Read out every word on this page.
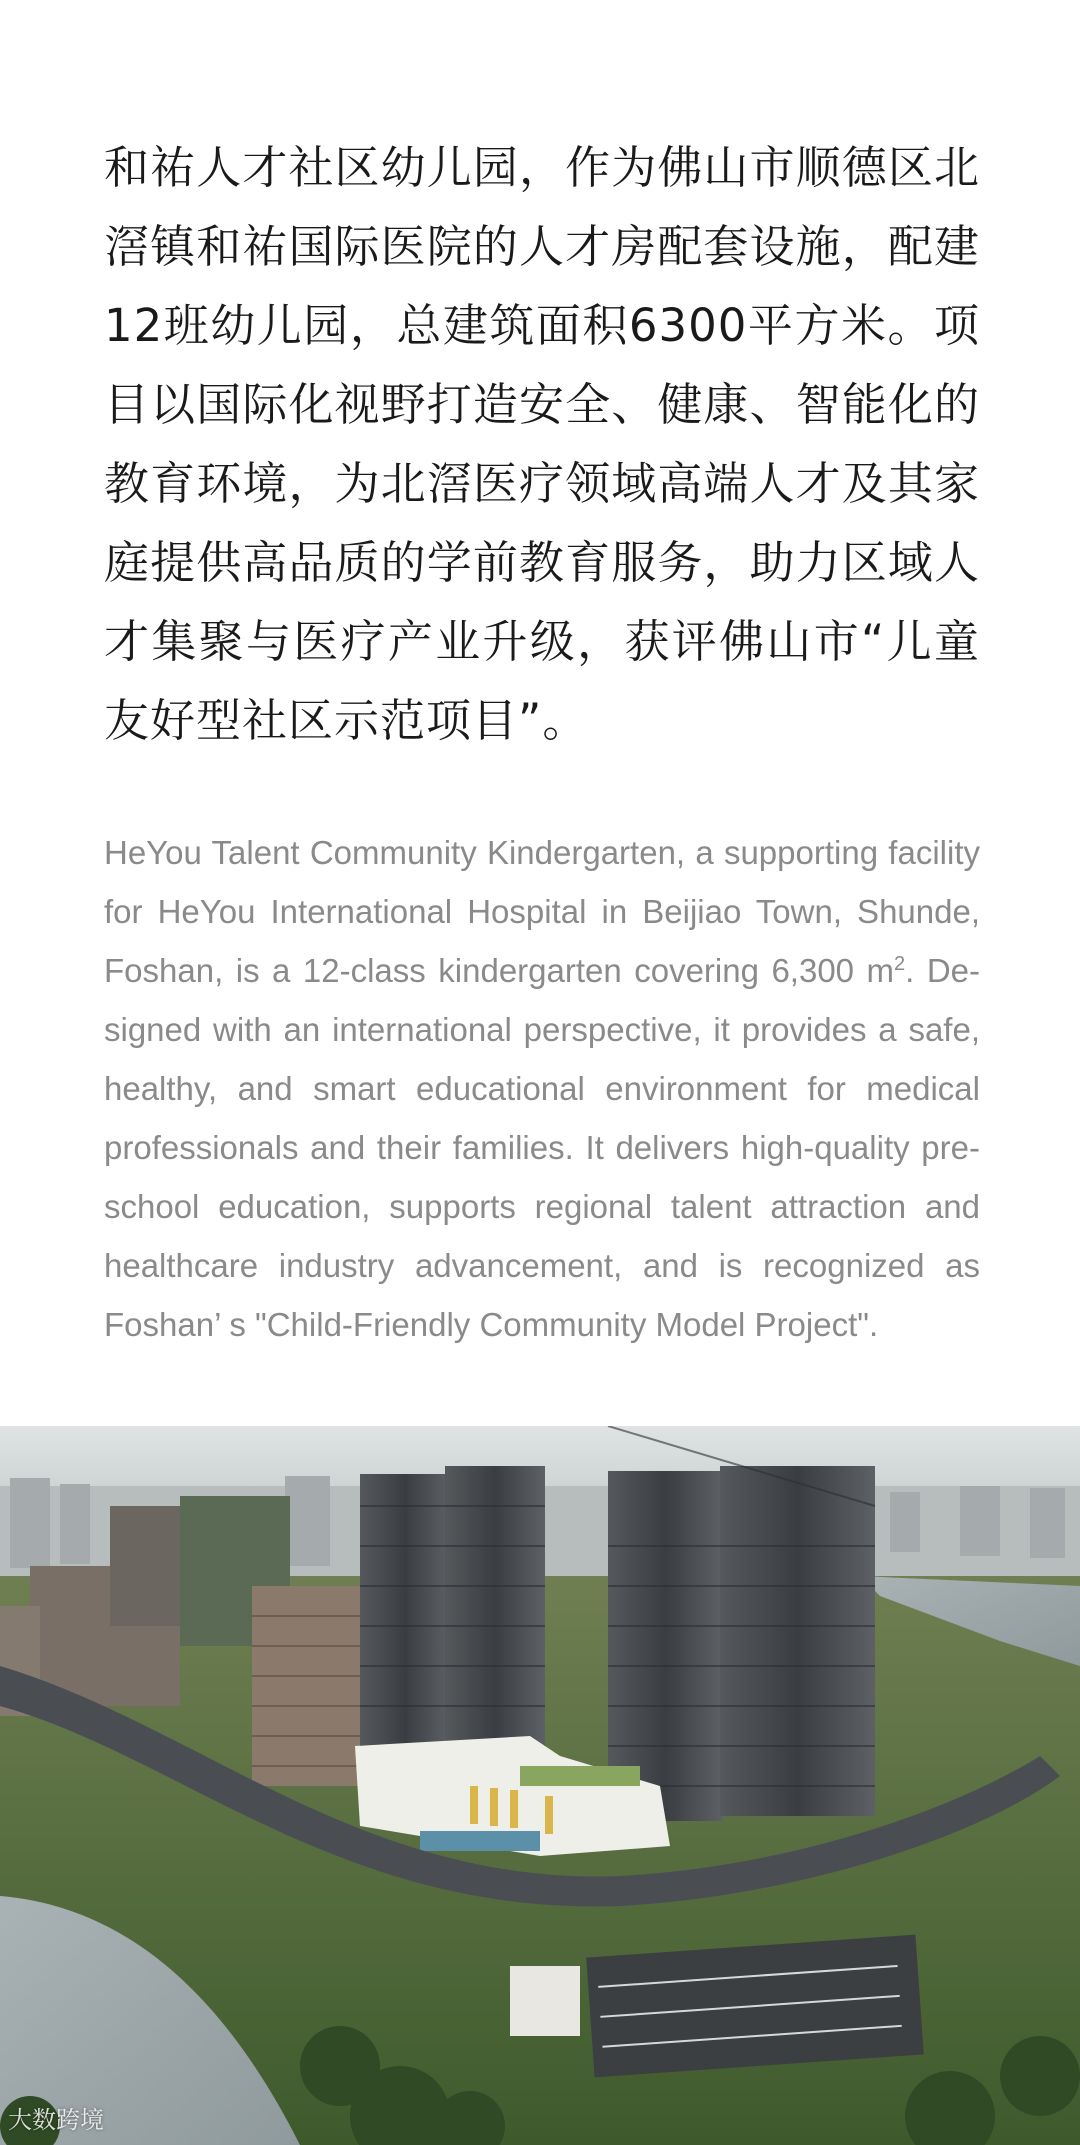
和祐人才社区幼儿园，作为佛山市顺德区北滘镇和祐国际医院的人才房配套设施，配建12班幼儿园，总建筑面积6300平方米。项目以国际化视野打造安全、健康、智能化的教育环境，为北滘医疗领域高端人才及其家庭提供高品质的学前教育服务，助力区域人才集聚与医疗产业升级，获评佛山市“儿童友好型社区示范项目”。

HeYou Talent Community Kindergarten, a supporting facility for HeYou International Hospital in Beijiao Town, Shunde, Foshan, is a 12-class kindergarten covering 6,300 $m^2$. Designed with an international perspective, it provides a safe, healthy, and smart educational environment for medical professionals and their families. It delivers high-quality preschool education, supports regional talent attraction and healthcare industry advancement, and is recognized as Foshan’ s "Child-Friendly Community Model Project".

大数跨境
